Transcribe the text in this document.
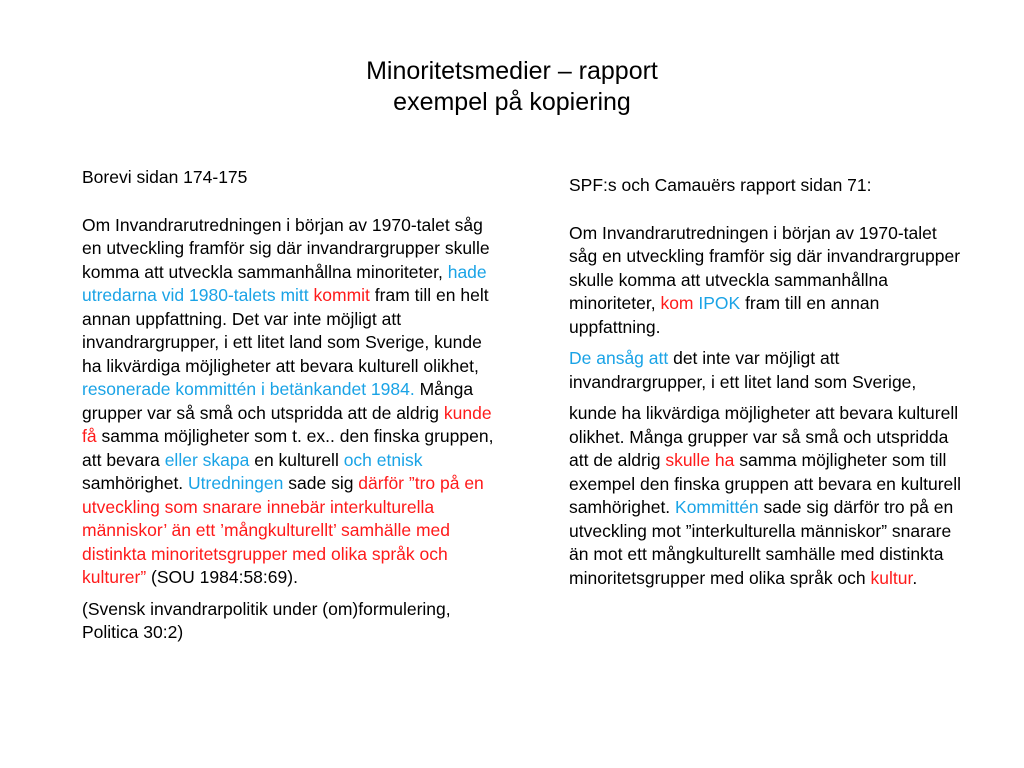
Minoritetsmedier – rapport
exempel på kopiering

Borevi sidan 174-175

Om Invandrarutredningen i början av 1970-talet såg en utveckling framför sig där invandrargrupper skulle komma att utveckla sammanhållna minoriteter, hade utredarna vid 1980-talets mitt kommit fram till en helt annan uppfattning. Det var inte möjligt att invandrargrupper, i ett litet land som Sverige, kunde ha likvärdiga möjligheter att bevara kulturell olikhet, resonerade kommittén i betänkandet 1984. Många grupper var så små och utspridda att de aldrig kunde få samma möjligheter som t. ex.. den finska gruppen, att bevara eller skapa en kulturell och etnisk samhörighet. Utredningen sade sig därför ”tro på en utveckling som snarare innebär interkulturella människor’ än ett ’mångkulturellt’ samhälle med distinkta minoritetsgrupper med olika språk och kulturer” (SOU 1984:58:69).

(Svensk invandrarpolitik under (om)formulering, Politica 30:2)

SPF:s och Camauërs rapport sidan 71:

Om Invandrarutredningen i början av 1970-talet såg en utveckling framför sig där invandrargrupper skulle komma att utveckla sammanhållna minoriteter, kom IPOK fram till en annan uppfattning.

De ansåg att det inte var möjligt att invandrargrupper, i ett litet land som Sverige,

kunde ha likvärdiga möjligheter att bevara kulturell olikhet. Många grupper var så små och utspridda att de aldrig skulle ha samma möjligheter som till exempel den finska gruppen att bevara en kulturell samhörighet. Kommittén sade sig därför tro på en utveckling mot ”interkulturella människor” snarare än mot ett mångkulturellt samhälle med distinkta minoritetsgrupper med olika språk och kultur.
